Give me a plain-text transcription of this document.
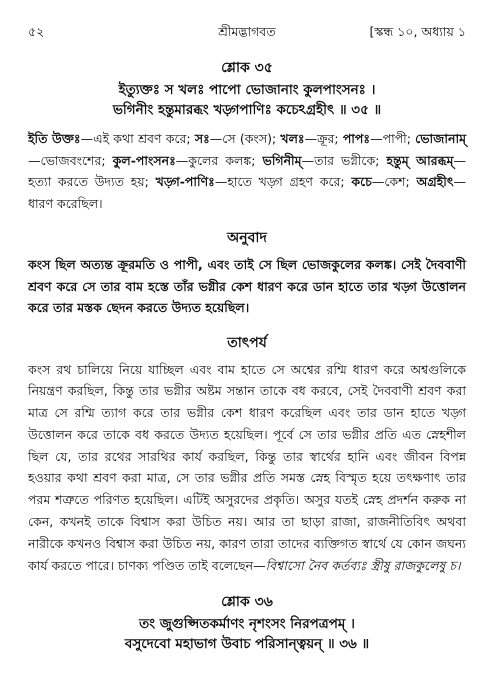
৫২	শ্রীমদ্ভাগবত	[স্কন্ধ ১০, অধ্যায় ১
শ্লোক ৩৫
ইত্যুক্তঃ স খলঃ পাপো ভোজানাং কুলপাংসনঃ ।
ভগিনীং হন্তুমারব্ধং খড়্গপাণিঃ কচেঽগ্রহীৎ ॥ ৩৫ ॥
ইতি উক্তঃ—এই কথা শ্রবণ করে; সঃ—সে (কংস); খলঃ—ক্রূর; পাপঃ—পাপী; ভোজানাম্—ভোজবংশের; কুল-পাংসনঃ—কুলের কলঙ্ক; ভগিনীম্—তার ভগ্নীকে; হন্তুম্ আরব্ধম্—হত্যা করতে উদ্যত হয়; খড়্গ-পাণিঃ—হাতে খড়্গ গ্রহণ করে; কচে—কেশ; অগ্রহীৎ—ধারণ করেছিল।
অনুবাদ
কংস ছিল অত্যন্ত ক্রূরমতি ও পাপী, এবং তাই সে ছিল ভোজকুলের কলঙ্ক। সেই দৈববাণী শ্রবণ করে সে তার বাম হস্তে তাঁর ভগ্নীর কেশ ধারণ করে ডান হাতে তার খড়্গ উত্তোলন করে তার মস্তক ছেদন করতে উদ্যত হয়েছিল।
তাৎপর্য
কংস রথ চালিয়ে নিয়ে যাচ্ছিল এবং বাম হাতে সে অশ্বের রশ্মি ধারণ করে অশ্বগুলিকে নিয়ন্ত্রণ করছিল, কিন্তু তার ভগ্নীর অষ্টম সন্তান তাকে বধ করবে, সেই দৈববাণী শ্রবণ করা মাত্র সে রশ্মি ত্যাগ করে তার ভগ্নীর কেশ ধারণ করেছিল এবং তার ডান হাতে খড়্গ উত্তোলন করে তাকে বধ করতে উদ্যত হয়েছিল। পূর্বে সে তার ভগ্নীর প্রতি এত স্নেহশীল ছিল যে, তার রথের সারথির কার্য করছিল, কিন্তু তার স্বার্থের হানি এবং জীবন বিপন্ন হওয়ার কথা শ্রবণ করা মাত্র, সে তার ভগ্নীর প্রতি সমস্ত স্নেহ বিস্মৃত হয়ে তৎক্ষণাৎ তার পরম শত্রুতে পরিণত হয়েছিল। এটিই অসুরদের প্রকৃতি। অসুর যতই স্নেহ প্রদর্শন করুক না কেন, কখনই তাকে বিশ্বাস করা উচিত নয়। আর তা ছাড়া রাজা, রাজনীতিবিৎ অথবা নারীকে কখনও বিশ্বাস করা উচিত নয়, কারণ তারা তাদের ব্যক্তিগত স্বার্থে যে কোন জঘন্য কার্য করতে পারে। চাণক্য পণ্ডিত তাই বলেছেন—বিশ্বাসো নৈব কর্তব্যঃ স্ত্রীষু রাজকুলেষু চ।
শ্লোক ৩৬
তং জুগুপ্সিতকর্মাণং নৃশংসং নিরপত্রপম্ ।
বসুদেবো মহাভাগ উবাচ পরিসান্ত্বয়ন্ ॥ ৩৬ ॥
